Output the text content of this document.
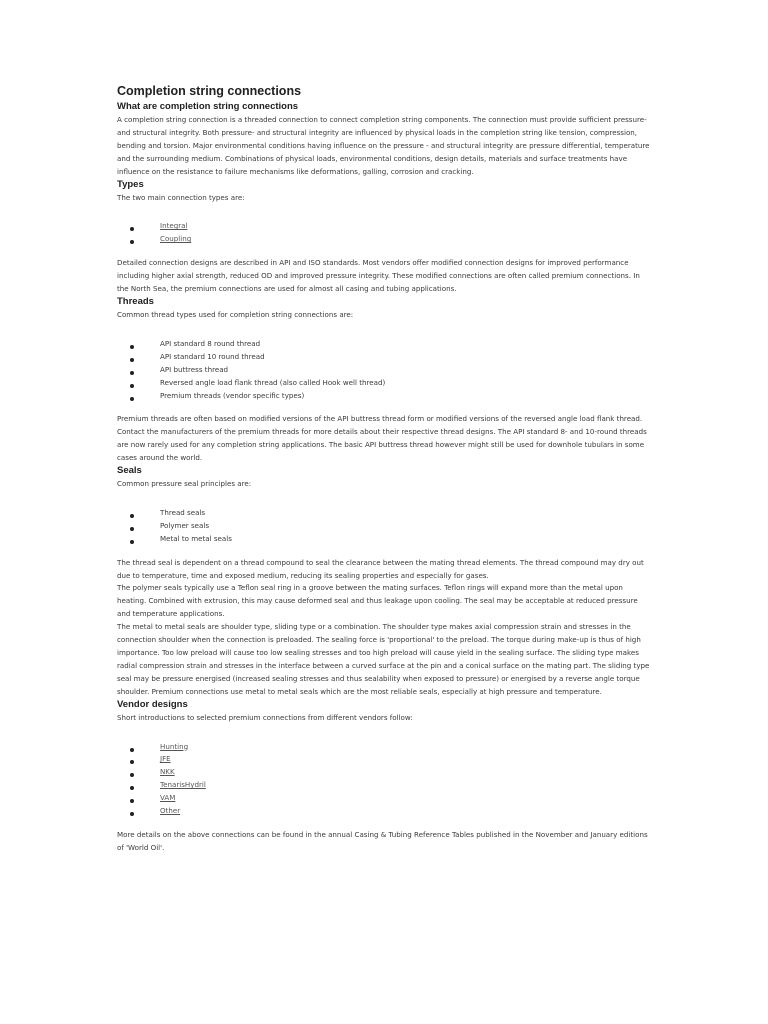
Completion string connections
What are completion string connections

A completion string connection is a threaded connection to connect completion string components. The connection must provide sufficient pressure- and structural integrity. Both pressure- and structural integrity are influenced by physical loads in the completion string like tension, compression, bending and torsion. Major environmental conditions having influence on the pressure - and structural integrity are pressure differential, temperature and the surrounding medium. Combinations of physical loads, environmental conditions, design details, materials and surface treatments have influence on the resistance to failure mechanisms like deformations, galling, corrosion and cracking.

Types

The two main connection types are:

Integral
Coupling

Detailed connection designs are described in API and ISO standards. Most vendors offer modified connection designs for improved performance including higher axial strength, reduced OD and improved pressure integrity. These modified connections are often called premium connections. In the North Sea, the premium connections are used for almost all casing and tubing applications.

Threads

Common thread types used for completion string connections are:

API standard 8 round thread
API standard 10 round thread
API buttress thread
Reversed angle load flank thread (also called Hook well thread)
Premium threads (vendor specific types)

Premium threads are often based on modified versions of the API buttress thread form or modified versions of the reversed angle load flank thread. Contact the manufacturers of the premium threads for more details about their respective thread designs. The API standard 8- and 10-round threads are now rarely used for any completion string applications. The basic API buttress thread however might still be used for downhole tubulars in some cases around the world.

Seals

Common pressure seal principles are:

Thread seals
Polymer seals
Metal to metal seals

The thread seal is dependent on a thread compound to seal the clearance between the mating thread elements. The thread compound may dry out due to temperature, time and exposed medium, reducing its sealing properties and especially for gases.

The polymer seals typically use a Teflon seal ring in a groove between the mating surfaces. Teflon rings will expand more than the metal upon heating. Combined with extrusion, this may cause deformed seal and thus leakage upon cooling. The seal may be acceptable at reduced pressure and temperature applications.

The metal to metal seals are shoulder type, sliding type or a combination. The shoulder type makes axial compression strain and stresses in the connection shoulder when the connection is preloaded. The sealing force is 'proportional' to the preload. The torque during make-up is thus of high importance. Too low preload will cause too low sealing stresses and too high preload will cause yield in the sealing surface. The sliding type makes radial compression strain and stresses in the interface between a curved surface at the pin and a conical surface on the mating part. The sliding type seal may be pressure energised (increased sealing stresses and thus sealability when exposed to pressure) or energised by a reverse angle torque shoulder. Premium connections use metal to metal seals which are the most reliable seals, especially at high pressure and temperature.

Vendor designs

Short introductions to selected premium connections from different vendors follow:

Hunting
JFE
NKK
TenarisHydril
VAM
Other

More details on the above connections can be found in the annual Casing & Tubing Reference Tables published in the November and January editions of 'World Oil'.
